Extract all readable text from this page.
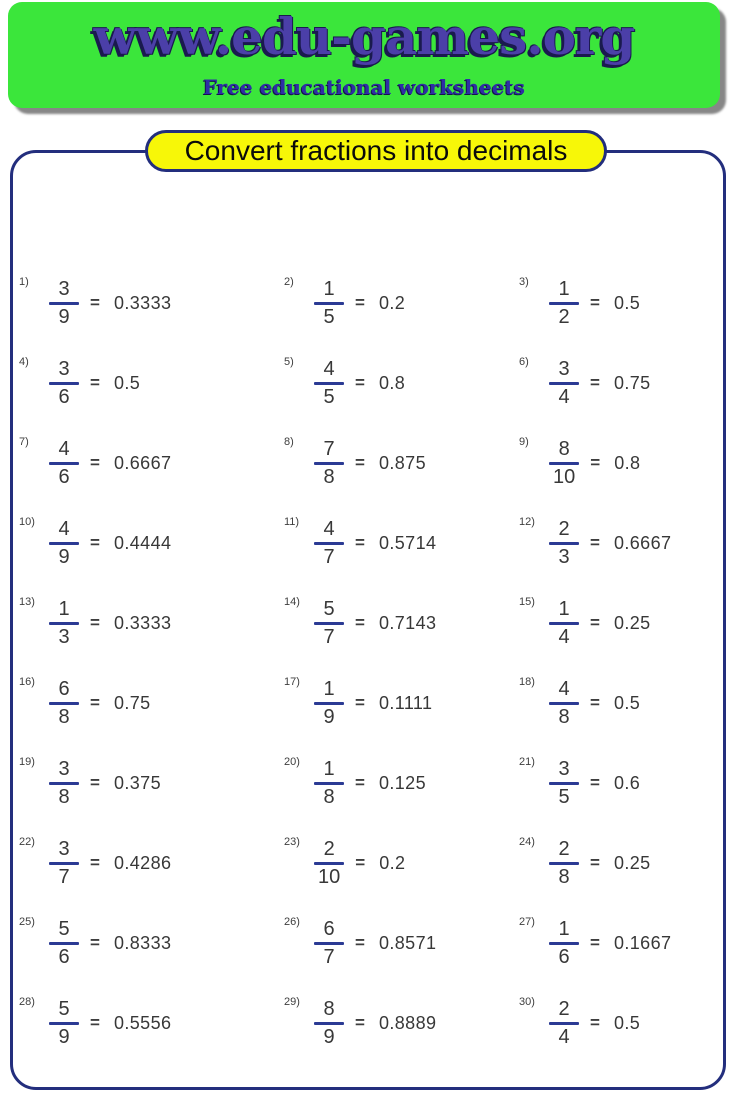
www.edu-games.org
Free educational worksheets
Convert fractions into decimals
1)	$\frac{3}{9} = 0.3333$
2)	$\frac{1}{5} = 0.2$
3)	$\frac{1}{2} = 0.5$
4)	$\frac{3}{6} = 0.5$
5)	$\frac{4}{5} = 0.8$
6)	$\frac{3}{4} = 0.75$
7)	$\frac{4}{6} = 0.6667$
8)	$\frac{7}{8} = 0.875$
9)	$\frac{8}{10} = 0.8$
$10) \frac{4}{9} = 0.4444$
$11) \frac{4}{7} = 0.5714$
$12) \frac{2}{3} = 0.6667$
$13) \frac{1}{3} = 0.3333$
$14) \frac{5}{7} = 0.7143$
$15) \frac{1}{4} = 0.25$
$16) \frac{6}{8} = 0.75$
$17) \frac{1}{9} = 0.1111$
$18) \frac{4}{8} = 0.5$
$19) \frac{3}{8} = 0.375$
$20) \frac{1}{8} = 0.125$
$21) \frac{3}{5} = 0.6$
$22) \frac{3}{7} = 0.4286$
$23) \frac{2}{10} = 0.2$
$24) \frac{2}{8} = 0.25$
$25) \frac{5}{6} = 0.8333$
$26) \frac{6}{7} = 0.8571$
$27) \frac{1}{6} = 0.1667$
$28) \frac{5}{9} = 0.5556$
$29) \frac{8}{9} = 0.8889$
$30) \frac{2}{4} = 0.5$
